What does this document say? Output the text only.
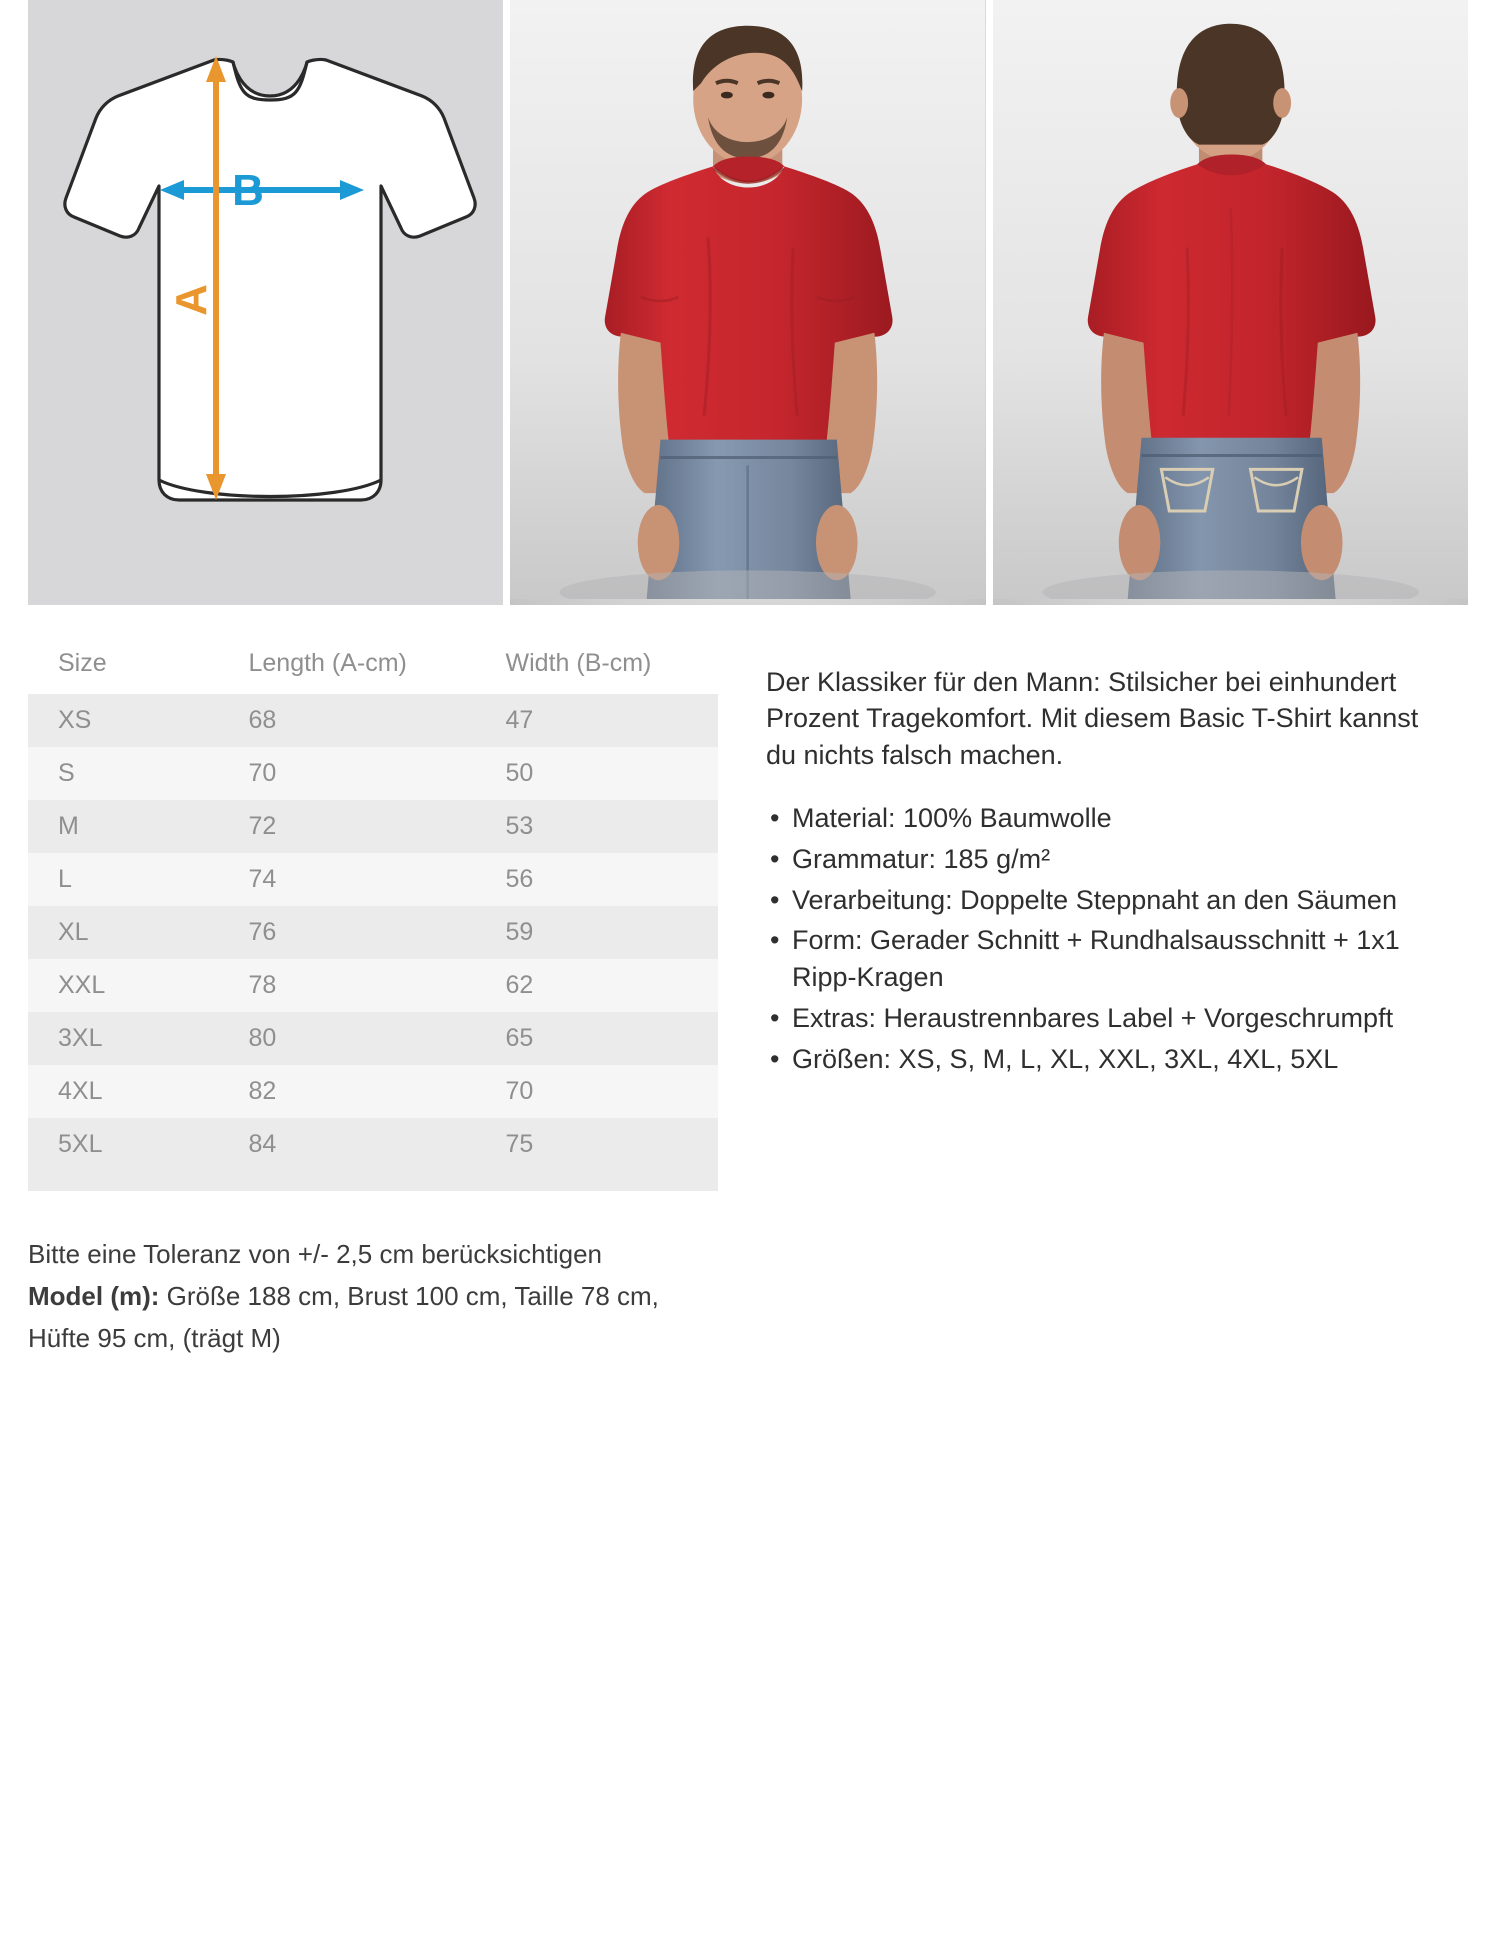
B
A
Size	Length (A-cm)	Width (B-cm)
XS	68	47
S	70	50
M	72	53
L	74	56
XL	76	59
XXL	78	62
3XL	80	65
4XL	82	70
5XL	84	75
Bitte eine Toleranz von +/- 2,5 cm berücksichtigen
Model (m): Größe 188 cm, Brust 100 cm, Taille 78 cm, Hüfte 95 cm, (trägt M)

Der Klassiker für den Mann: Stilsicher bei einhundert Prozent Tragekomfort. Mit diesem Basic T-Shirt kannst du nichts falsch machen.

• Material: 100% Baumwolle
• Grammatur: 185 g/m²
• Verarbeitung: Doppelte Steppnaht an den Säumen
• Form: Gerader Schnitt + Rundhalsausschnitt + 1x1 Ripp-Kragen
• Extras: Heraustrennbares Label + Vorgeschrumpft
• Größen: XS, S, M, L, XL, XXL, 3XL, 4XL, 5XL
